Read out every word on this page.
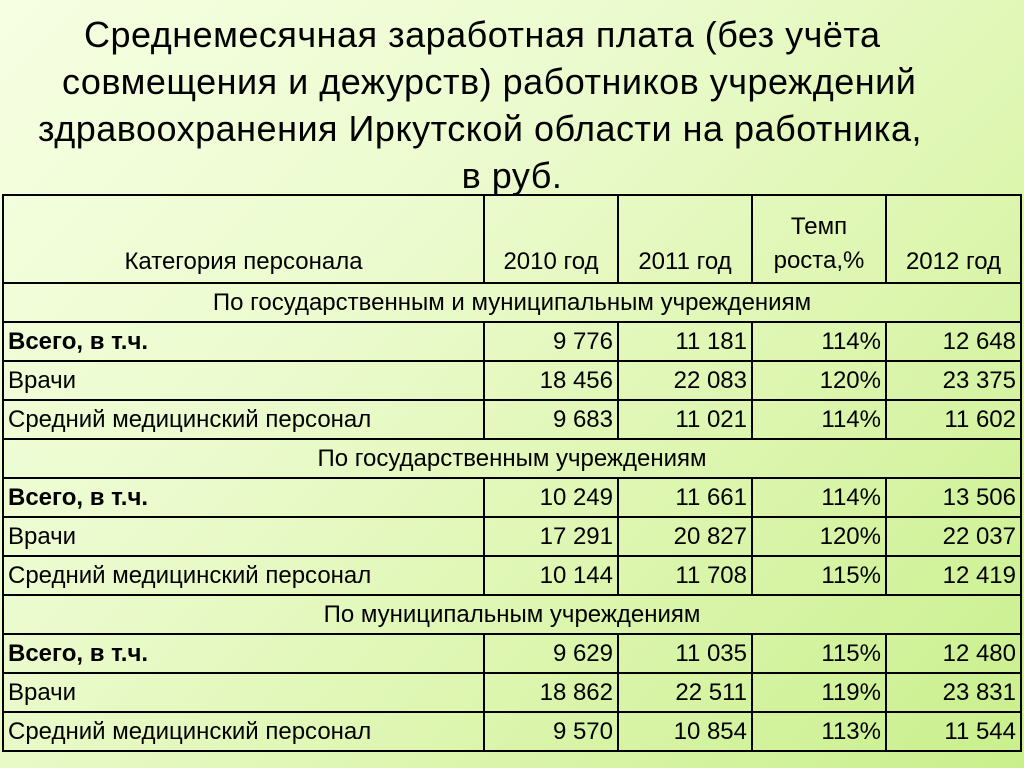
Среднемесячная заработная плата (без учёта
совмещения и дежурств) работников учреждений
здравоохранения Иркутской области на работника,
в руб.
Категория персонала	2010 год	2011 год	Темп роста,%	2012 год
По государственным и муниципальным учреждениям				
Всего, в т.ч.	9 776	11 181	114%	12 648
Врачи	18 456	22 083	120%	23 375
Средний медицинский персонал	9 683	11 021	114%	11 602
По государственным учреждениям				
Всего, в т.ч.	10 249	11 661	114%	13 506
Врачи	17 291	20 827	120%	22 037
Средний медицинский персонал	10 144	11 708	115%	12 419
По муниципальным учреждениям				
Всего, в т.ч.	9 629	11 035	115%	12 480
Врачи	18 862	22 511	119%	23 831
Средний медицинский персонал	9 570	10 854	113%	11 544
